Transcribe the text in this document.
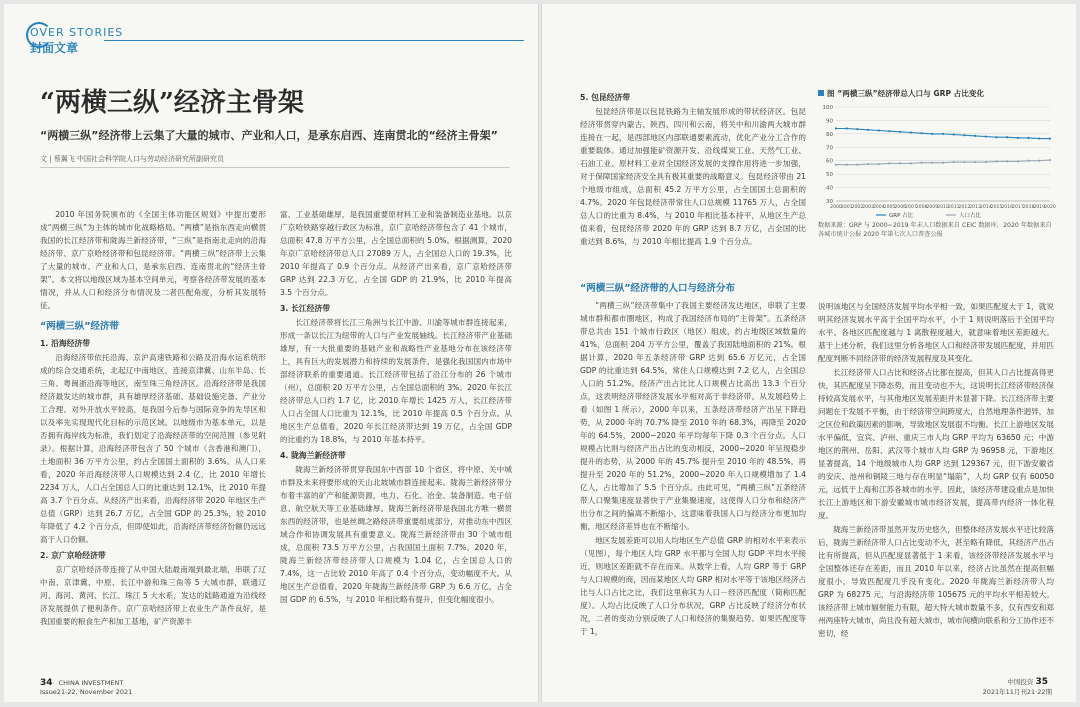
OVER STORIES
封面文章
“两横三纵”经济主骨架
“两横三纵”经济带上云集了大量的城市、产业和人口，是承东启西、连南贯北的“经济主骨架”
文 | 蔡翼飞 中国社会科学院人口与劳动经济研究所副研究员

2010 年国务院颁布的《全国主体功能区规划》中提出要形成“两横三纵”为主体的城市化战略格局。“两横”是指东西走向横贯我国的长江经济带和陇海兰新经济带，“三纵”是指南北走向的沿海经济带、京广京哈经济带和包昆经济带。“两横三纵”经济带上云集了大量的城市、产业和人口，是承东启西、连南贯北的“经济主骨架”。本文将以地级区域为基本空间单元，考察各经济带发展的基本情况，并从人口和经济分布情况及二者匹配角度，分析其发展特征。

“两横三纵”经济带
1. 沿海经济带

沿海经济带依托沿海、京沪高速铁路和公路及沿海水运系统形成的综合交通系统，北起辽中南地区，连接京津冀、山东半岛、长三角、粤闽浙沿海等地区，南至珠三角经济区。沿海经济带是我国经济最发达的城市群，具有雄厚经济基础、基础设施完备、产业分工合理、对外开放水平较高，是我国今后参与国际竞争的先导区和以及率先实现现代化目标的示范区域。以地级市为基本单元，以是否拥有海岸线为标准，我们划定了沿海经济带的空间范围（参见附录）。根据计算，沿海经济带包含了 50 个城市（含香港和澳门），土地面积 36 万平方公里，约占全国国土面积的 3.6%。从人口来看，2020 年沿海经济带人口规模达到 2.4 亿，比 2010 年增长 2234 万人，人口占全国总人口的比重达到 12.1%，比 2010 年提高 3.7 个百分点。从经济产出来看，沿海经济带 2020 年地区生产总值（GRP）达到 26.7 万亿，占全国 GDP 的 25.3%，较 2010 年降低了 4.2 个百分点，但即使如此，沿海经济带经济份额仍远远高于人口份额。

2. 京广京哈经济带

京广京哈经济带连接了从中国大陆最南端到最北端，串联了辽中南、京津冀、中原、长江中游和珠三角等 5 大城市群，联通辽河、海河、黄河、长江、珠江 5 大水系，发达的陆路通道为沿线经济发展提供了便利条件。京广京哈经济带上农业生产条件良好，是我国重要的粮食生产和加工基地，矿产资源丰

富、工业基础雄厚，是我国重要原材料工业和装备制造业基地。以京广京哈铁路穿越行政区为标准，京广京哈经济带包含了 41 个城市，总面积 47.8 万平方公里，占全国总面积的 5.0%。根据测算，2020 年京广京哈经济带总人口 27089 万人，占全国总人口的 19.3%，比 2010 年提高了 0.9 个百分点。从经济产出来看，京广京哈经济带 GRP 达到 22.3 万亿，占全国 GDP 的 21.9%，比 2010 年提高 3.5 个百分点。

3. 长江经济带

长江经济带将长江三角洲与长江中游、川渝等城市群连接起来，形成一条以长江为纽带的人口与产业发展轴线。长江经济带产业基础雄厚，有一大批重要的基础产业和战略性产业基地分布在该经济带上，具有巨大的发展潜力和持续的发展条件，是强化我国国内市场中部经济联系的重要通道。长江经济带包括了沿江分布的 26 个城市（州），总面积 20 万平方公里，占全国总面积的 3%。2020 年长江经济带总人口约 1.7 亿，比 2010 年增长 1425 万人，长江经济带人口占全国人口比重为 12.1%，比 2010 年提高 0.5 个百分点。从地区生产总值看，2020 年长江经济带达到 19 万亿，占全国 GDP 的比重约为 18.8%，与 2010 年基本持平。

4. 陇海兰新经济带

陇海兰新经济带贯穿我国东中西部 10 个省区，将中原、关中城市群及未来将要形成的天山北坡城市群连接起来。陇海兰新经济带分布着丰富的矿产和能源资源，电力、石化、冶金、装备制造、电子信息、航空航天等工业基础雄厚。陇海兰新经济带是我国北方唯一横贯东西的经济带，也是丝绸之路经济带重要组成部分，对推动东中西区域合作和协调发展具有重要意义。陇海兰新经济带由 30 个城市组成，总面积 73.5 万平方公里，占我国国土面积 7.7%。2020 年，陇海兰新经济带经济带人口规模为 1.04 亿，占全国总人口的 7.4%，这一占比较 2010 年高了 0.4 个百分点，变动幅度不大。从地区生产总值看，2020 年陇海兰新经济带 GRP 为 6.6 万亿，占全国 GDP 的 6.5%，与 2010 年相比略有提升，但变化幅度很小。

34 CHINA INVESTMENT
Issue21-22, November 2021
5. 包昆经济带

包昆经济带是以包昆铁路为主轴发展形成的带状经济区。包昆经济带贯穿内蒙古、陕西、四川和云南，将关中和川渝两大城市群连接在一起，是西部地区内部联通要素流动，优化产业分工合作的重要载体。通过加强能矿资源开发、沿线煤炭工业、天然气工业、石油工业、原材料工业对全国经济发展的支撑作用将进一步加强，对于保障国家经济安全具有极其重要的战略意义。包昆经济带由 21 个地级市组成，总面积 45.2 万平方公里，占全国国土总面积的 4.7%。2020 年包昆经济带常住人口总规模 11765 万人，占全国总人口的比重为 8.4%，与 2010 年相比基本持平，从地区生产总值来看，包昆经济带 2020 年的 GRP 达到 8.7 万亿，占全国的比重达到 8.6%，与 2010 年相比提高 1.9 个百分点。

图 “两横三纵”经济带总人口与 GRP 占比变化
30
40
50
60
70
80
90
100
2000
2001
2002
2003
2004
2005
2006
2007
2008
2009
2010
2011
2012
2013
2014
2015
2016
2017
2018
2019
2020
GRP 占比	人口占比
数据来源：GRP 与 2000~2019 年末人口数据来自 CEIC 数据库，2020 年数据来自各城市统计公报 2020 年第七次人口普查公报
“两横三纵”经济带的人口与经济分布

“两横三纵”经济带集中了我国主要经济发达地区，串联了主要城市群和都市圈地区，构成了我国经济布局的“主骨架”。五条经济带总共由 151 个城市行政区（地区）组成，约占地级区域数量的 41%，总面积 204 万平方公里，覆盖了我国陆地面积的 21%。根据计算，2020 年五条经济带 GRP 达到 65.6 万亿元，占全国 GDP 的比重达到 64.5%，常住人口规模达到 7.2 亿人，占全国总人口的 51.2%。经济产出占比比人口规模占比高出 13.3 个百分点，这表明经济带经济发展水平相对高于非经济带。从发展趋势上看（如图 1 所示），2000 年以来，五条经济带经济产出呈下降趋势，从 2000 年的 70.7% 降至 2010 年的 68.3%，再降至 2020 年的 64.5%，2000~2020 年平均每年下降 0.3 个百分点。人口规模占比则与经济产出占比的变动相反，2000~2020 年呈现稳步提升的态势，从 2000 年的 45.7% 提升至 2010 年的 48.5%，再提升至 2020 年的 51.2%，2000~2020 年人口规模增加了 1.4 亿人，占比增加了 5.5 个百分点。由此可见，“两横三纵”五条经济带人口聚集速度显著快于产业集聚速度，这使得人口分布和经济产出分布之间的偏离不断缩小，这意味着我国人口与经济分布更加均衡，地区经济差异也在不断缩小。

地区发展差距可以用人均地区生产总值 GRP 的相对水平来表示（见图），每个地区人均 GRP 水平都与全国人均 GDP 平均水平接近，则地区差距就不存在而来。从数学上看，人均 GRP 等于 GRP 与人口规模的商，因而某地区人均 GRP 相对水平等于该地区经济占比与人口占比之比，我们这里称其为人口－经济匹配度（简称匹配度）。人均占比反映了人口分布状况，GRP 占比反映了经济分布状况，二者的变动分别反映了人口和经济的集聚趋势。如果匹配度等于 1，

说明该地区与全国经济发展平均水平相一致，如果匹配度大于 1，就说明其经济发展水平高于全国平均水平，小于 1 则说明落后于全国平均水平。各地区匹配度越与 1 离散程度越大，就意味着地区差距越大。基于上述分析，我们这里分析各地区人口和经济带发展匹配度，并用匹配度判断不同经济带的经济发展程度及其变化。

长江经济带人口占比和经济占比都在提高，但其人口占比提高得更快，其匹配度呈下降态势，而且变动也不大，这说明长江经济带经济保持较高发展水平，与其他地区发展差距并未显著下降。长江经济带主要问题在于发展不平衡，由于经济带空间跨度大，自然地理条件迥异，加之区位和政策因素的影响，导致地区发展很不均衡。长江上游地区发展水平偏低，宜宾、泸州、重庆三市人均 GRP 平均为 63650 元；中游地区的荆州、岳阳、武汉等个城市人均 GRP 为 96958 元，下游地区显著提高，14 个地级城市人均 GRP 达到 129367 元，但下游安徽省的安庆、池州和铜陵三地与存在明显“塌陷”，人均 GRP 仅有 60050 元，远低于上海和江苏各城市的水平。因此，该经济带建设重点是加快长江上游地区和下游安徽城市城市经济发展，提高带内经济一体化程度。

陇海兰新经济带虽然开发历史悠久，但整体经济发展水平还比较落后，陇海兰新经济带人口占比变动不大，甚至略有降低，其经济产出占比有所提高，但从匹配度显著低于 1 来看，该经济带经济发展水平与全国整体还存在差距，而且 2010 年以来，经济占比虽然在提高但幅度很小，导致匹配度几乎没有变化。2020 年陇海兰新经济带人均 GRP 为 68275 元，与沿海经济带 105675 元的平均水平相差较大。该经济带上城市辐射能力有限，超大特大城市数量不多，仅有西安和郑州两座特大城市，尚且没有超大城市，城市间横向联系和分工协作还不密切，经

中国投资 35
2021年11月刊21·22期
